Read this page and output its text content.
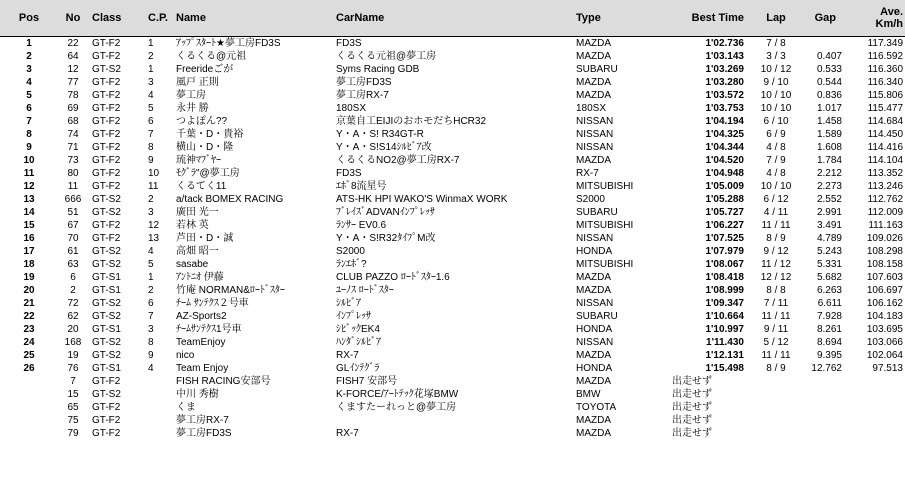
Pos	No	Class	C.P.	Name	CarName	Type	Best Time	Lap	Gap	Ave.
Km/h
1	22	GT-F2	1	ｱｯﾌﾟｽﾀｰﾄ★夢工房FD3S	FD3S	MAZDA	1'02.736	7 / 8		117.349
2	64	GT-F2	2	くるくる@元祖	くるくる元祖@夢工房	MAZDA	1'03.143	3 / 3	0.407	116.592
3	12	GT-S2	1	Freerideごが	Syms Racing GDB	SUBARU	1'03.269	10 / 12	0.533	116.360
4	77	GT-F2	3	風戸 正則	夢工房FD3S	MAZDA	1'03.280	9 / 10	0.544	116.340
5	78	GT-F2	4	夢工房	夢工房RX-7	MAZDA	1'03.572	10 / 10	0.836	115.806
6	69	GT-F2	5	永井 勝	180SX	180SX	1'03.753	10 / 10	1.017	115.477
7	68	GT-F2	6	つよぽん??	京葉自工EIJIのおホモだちHCR32	NISSAN	1'04.194	6 / 10	1.458	114.684
8	74	GT-F2	7	千葉・D・貴裕	Y・A・S! R34GT-R	NISSAN	1'04.325	6 / 9	1.589	114.450
9	71	GT-F2	8	横山・D・隆	Y・A・S!S14ｼﾙﾋﾞｱ改	NISSAN	1'04.344	4 / 8	1.608	114.416
10	73	GT-F2	9	琉神ﾏﾌﾞﾔｰ	くるくるNO2@夢工房RX-7	MAZDA	1'04.520	7 / 9	1.784	114.104
11	80	GT-F2	10	ﾓｸﾞﾗ"@夢工房	FD3S	RX-7	1'04.948	4 / 8	2.212	113.352
12	11	GT-F2	11	くるてく11	ｴﾎﾞ8流星号	MITSUBISHI	1'05.009	10 / 10	2.273	113.246
13	666	GT-S2	2	a/tack BOMEX RACING	ATS-HK HPI WAKO'S WinmaX WORK	S2000	1'05.288	6 / 12	2.552	112.762
14	51	GT-S2	3	廣田 光一	ﾌﾞﾚｲｽﾞADVANｲﾝﾌﾟﾚｯｻ	SUBARU	1'05.727	4 / 11	2.991	112.009
15	67	GT-F2	12	若林 英	ﾗﾝｻｰ EV0.6	MITSUBISHI	1'06.227	11 / 11	3.491	111.163
16	70	GT-F2	13	芦田・D・誠	Y・A・S!R32ﾀｲﾌﾟM改	NISSAN	1'07.525	8 / 9	4.789	109.026
17	61	GT-S2	4	高畑 昭一	S2000	HONDA	1'07.979	9 / 12	5.243	108.298
18	63	GT-S2	5	sasabe	ﾗﾝｴﾎﾞ?	MITSUBISHI	1'08.067	11 / 12	5.331	108.158
19	6	GT-S1	1	ｱﾝﾄﾆｵ 伊藤	CLUB PAZZO ﾛｰﾄﾞｽﾀｰ1.6	MAZDA	1'08.418	12 / 12	5.682	107.603
20	2	GT-S1	2	竹庵 NORMAN&ﾛｰﾄﾞｽﾀｰ	ﾕｰﾉｽ ﾛｰﾄﾞｽﾀｰ	MAZDA	1'08.999	8 / 8	6.263	106.697
21	72	GT-S2	6	ﾁｰﾑ ｻﾝﾃｸｽ２号車	ｼﾙﾋﾞｱ	NISSAN	1'09.347	7 / 11	6.611	106.162
22	62	GT-S2	7	AZ-Sports2	ｲﾝﾌﾟﾚｯｻ	SUBARU	1'10.664	11 / 11	7.928	104.183
23	20	GT-S1	3	ﾁｰﾑｻﾝﾃｸｽ1号車	ｼﾋﾞｯｸEK4	HONDA	1'10.997	9 / 11	8.261	103.695
24	168	GT-S2	8	TeamEnjoy	ﾊﾝﾀﾞｼﾙﾋﾞｱ	NISSAN	1'11.430	5 / 12	8.694	103.066
25	19	GT-S2	9	nico	RX-7	MAZDA	1'12.131	11 / 11	9.395	102.064
26	76	GT-S1	4	Team Enjoy	GLｲﾝﾃｸﾞﾗ	HONDA	1'15.498	8 / 9	12.762	97.513
	7	GT-F2		FISH RACING安部号	FISH7 安部号	MAZDA	出走せず			
	15	GT-S2		中川 秀樹	K-FORCE/ｱｰﾄﾃｯｸ花塚BMW	BMW	出走せず			
	65	GT-F2		くま	くますたーれっと@夢工房	TOYOTA	出走せず			
	75	GT-F2		夢工房RX-7		MAZDA	出走せず			
	79	GT-F2		夢工房FD3S	RX-7	MAZDA	出走せず			
